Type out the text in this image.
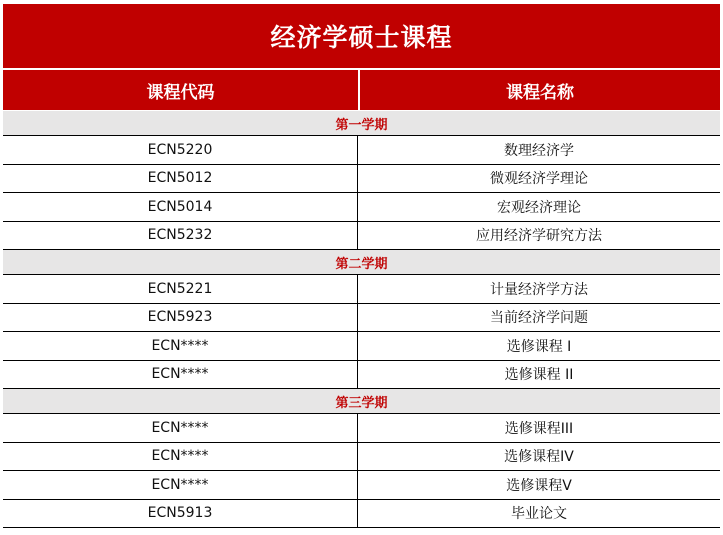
经济学硕士课程
课程代码	课程名称
第一学期
ECN5220	数理经济学
ECN5012	微观经济学理论
ECN5014	宏观经济理论
ECN5232	应用经济学研究方法
第二学期
ECN5221	计量经济学方法
ECN5923	当前经济学问题
ECN****	选修课程 I
ECN****	选修课程 II
第三学期
ECN****	选修课程III
ECN****	选修课程IV
ECN****	选修课程V
ECN5913	毕业论文
